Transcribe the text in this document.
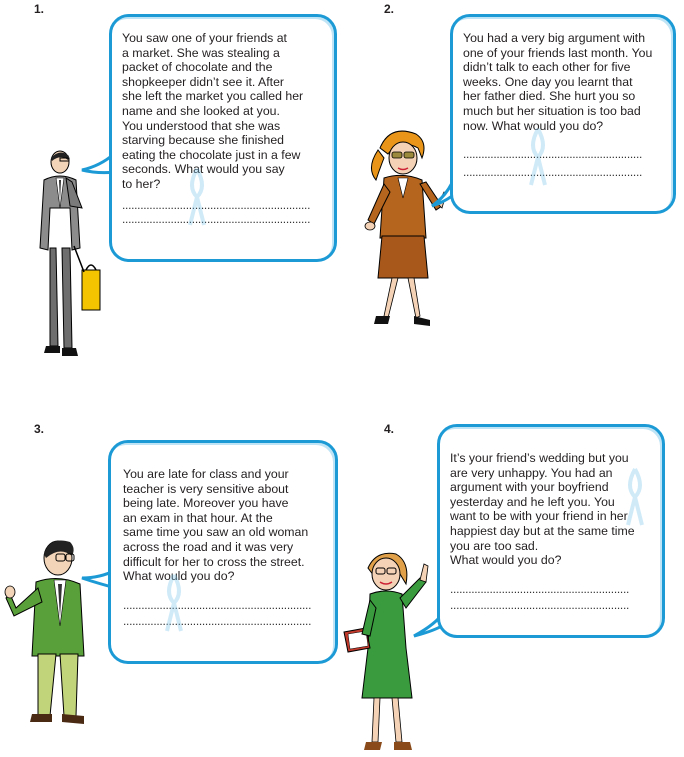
1.

You saw one of your friends at
a market. She was stealing a
packet of chocolate and the
shopkeeper didn’t see it. After
she left the market you called her
name and she looked at you.
You understood that she was
starving because she finished
eating the chocolate just in a few
seconds. What would you say
to her?

..............................................................
..............................................................
2.

You had a very big argument with
one of your friends last month. You
didn’t talk to each other for five
weeks. One day you learnt that
her father died. She hurt you so
much but her situation is too bad
now. What would you do?

...........................................................
...........................................................
3.

You are late for class and your
teacher is very sensitive about
being late. Moreover you have
an exam in that hour. At the
same time you saw an old woman
across the road and it was very
difficult for her to cross the street.
What would you do?

..............................................................
..............................................................
4.

It’s your friend’s wedding but you
are very unhappy. You had an
argument with your boyfriend
yesterday and he left you. You
want to be with your friend in her
happiest day but at the same time
you are too sad.
What would you do?

...........................................................
...........................................................
